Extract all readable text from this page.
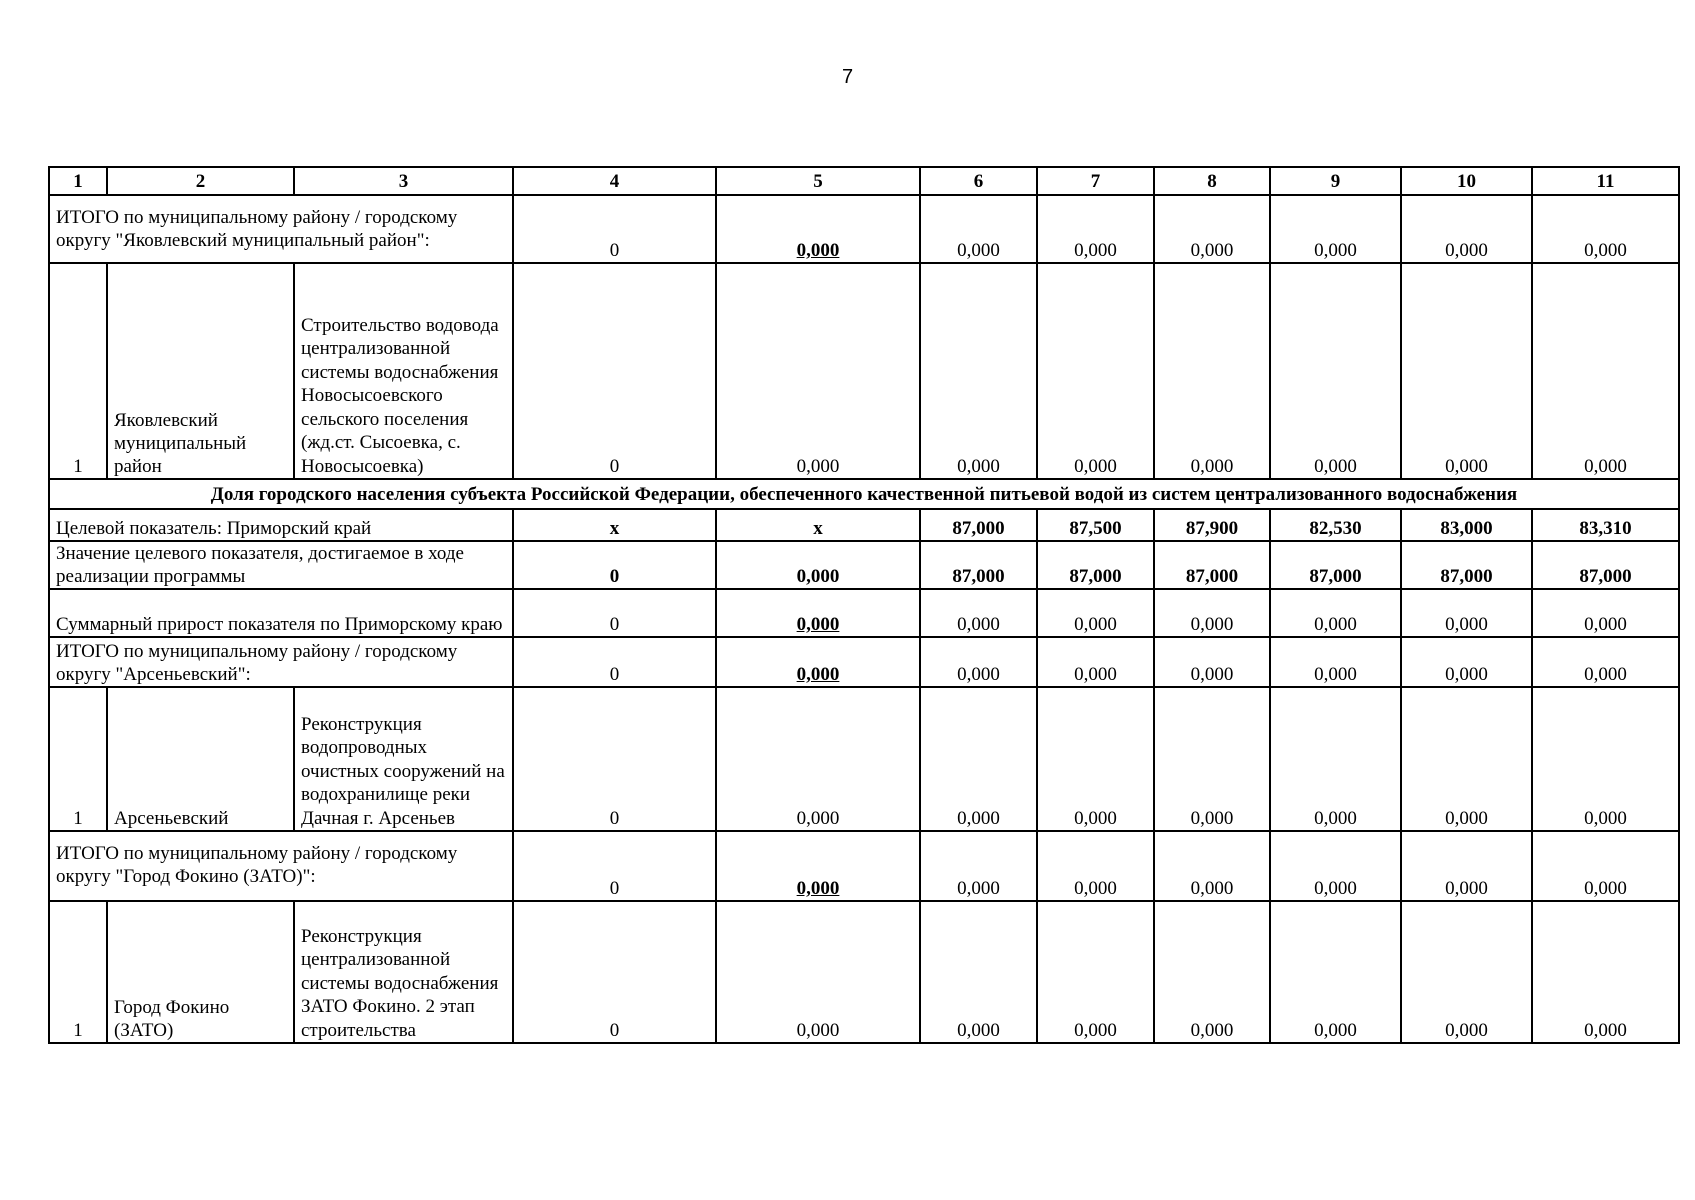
7
1	2	3	4	5	6	7	8	9	10	11
ИТОГО по муниципальному району / городскому округу "Яковлевский муниципальный район":			0	0,000	0,000	0,000	0,000	0,000	0,000	0,000
1	Яковлевский муниципальный район	Строительство водовода централизованной системы водоснабжения Новосысоевского сельского поселения (жд.ст. Сысоевка, с. Новосысоевка)	0	0,000	0,000	0,000	0,000	0,000	0,000	0,000
Доля городского населения субъекта Российской Федерации, обеспеченного качественной питьевой водой из систем централизованного водоснабжения										
Целевой показатель: Приморский край			x	x	87,000	87,500	87,900	82,530	83,000	83,310
Значение целевого показателя, достигаемое в ходе реализации программы			0	0,000	87,000	87,000	87,000	87,000	87,000	87,000
Суммарный прирост показателя по Приморскому краю			0	0,000	0,000	0,000	0,000	0,000	0,000	0,000
ИТОГО по муниципальному району / городскому округу "Арсеньевский":			0	0,000	0,000	0,000	0,000	0,000	0,000	0,000
1	Арсеньевский	Реконструкция водопроводных очистных сооружений на водохранилище реки Дачная г. Арсеньев	0	0,000	0,000	0,000	0,000	0,000	0,000	0,000
ИТОГО по муниципальному району / городскому округу "Город Фокино (ЗАТО)":			0	0,000	0,000	0,000	0,000	0,000	0,000	0,000
1	Город Фокино (ЗАТО)	Реконструкция централизованной системы водоснабжения ЗАТО Фокино. 2 этап строительства	0	0,000	0,000	0,000	0,000	0,000	0,000	0,000
